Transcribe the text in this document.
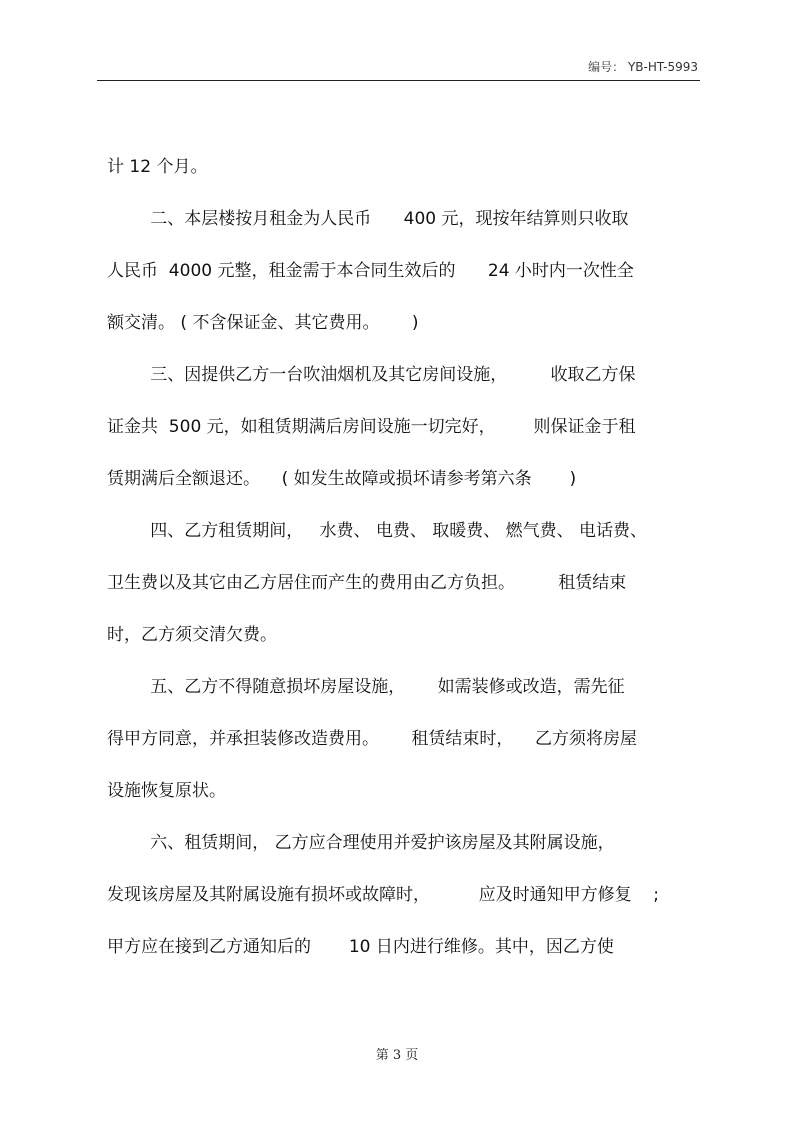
编号： YB-HT-5993
计 12 个月。
二、本层楼按月租金为人民币      400 元，现按年结算则只收取
人民币  4000 元整，租金需于本合同生效后的      24 小时内一次性全
额交清。 ( 不含保证金、其它费用。      )
三、因提供乙方一台吹油烟机及其它房间设施，        收取乙方保
证金共  500 元，如租赁期满后房间设施一切完好，       则保证金于租
赁期满后全额退还。    ( 如发生故障或损坏请参考第六条       )
四、乙方租赁期间，   水费、 电费、 取暖费、 燃气费、 电话费、
卫生费以及其它由乙方居住而产生的费用由乙方负担。        租赁结束
时，乙方须交清欠费。
五、乙方不得随意损坏房屋设施，      如需装修或改造，需先征
得甲方同意，并承担装修改造费用。      租赁结束时，    乙方须将房屋
设施恢复原状。
六、租赁期间， 乙方应合理使用并爱护该房屋及其附属设施，
发现该房屋及其附属设施有损坏或故障时，         应及时通知甲方修复    ;
甲方应在接到乙方通知后的       10 日内进行维修。其中，因乙方使
第 3 页
